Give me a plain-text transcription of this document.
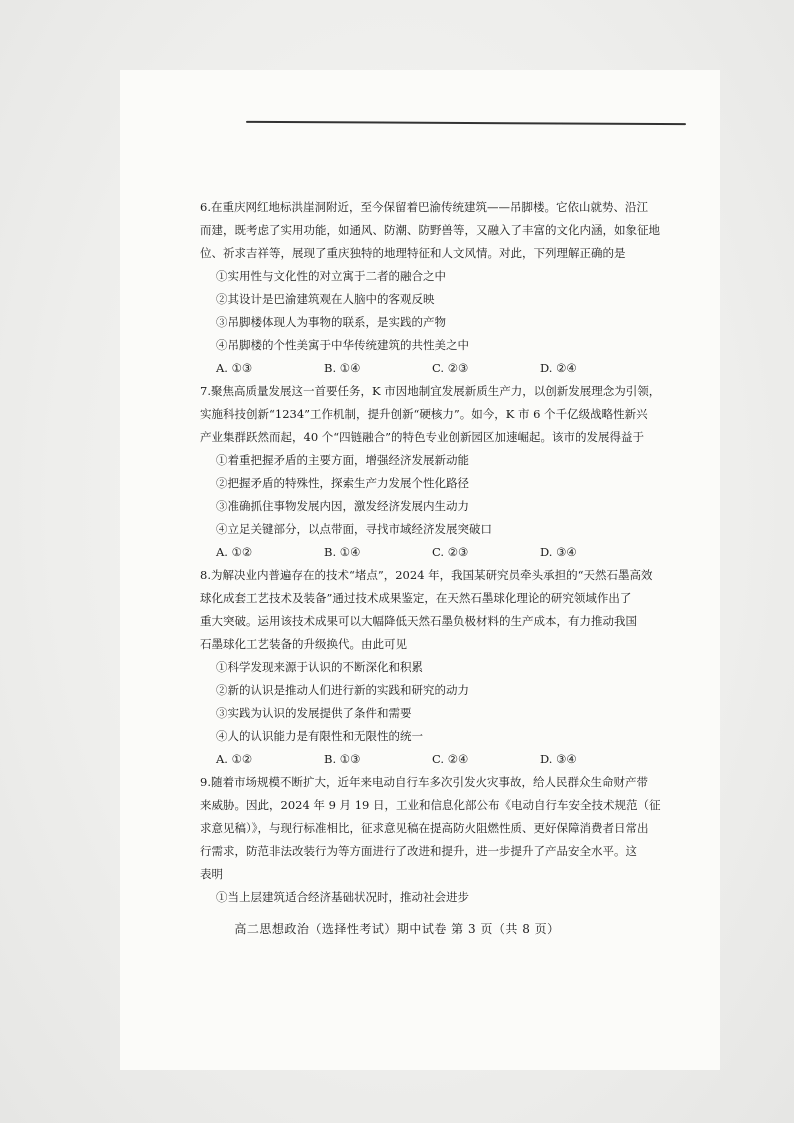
6.在重庆网红地标洪崖洞附近，至今保留着巴渝传统建筑——吊脚楼。它依山就势、沿江
而建，既考虑了实用功能，如通风、防潮、防野兽等，又融入了丰富的文化内涵，如象征地
位、祈求吉祥等，展现了重庆独特的地理特征和人文风情。对此，下列理解正确的是
①实用性与文化性的对立寓于二者的融合之中
②其设计是巴渝建筑观在人脑中的客观反映
③吊脚楼体现人为事物的联系，是实践的产物
④吊脚楼的个性美寓于中华传统建筑的共性美之中
A. ①③	B. ①④	C. ②③	D. ②④
7.聚焦高质量发展这一首要任务，K 市因地制宜发展新质生产力，以创新发展理念为引领，
实施科技创新“1234”工作机制，提升创新“硬核力”。如今，K 市 6 个千亿级战略性新兴
产业集群跃然而起，40 个“四链融合”的特色专业创新园区加速崛起。该市的发展得益于
①着重把握矛盾的主要方面，增强经济发展新动能
②把握矛盾的特殊性，探索生产力发展个性化路径
③准确抓住事物发展内因，激发经济发展内生动力
④立足关键部分，以点带面，寻找市域经济发展突破口
A. ①②	B. ①④	C. ②③	D. ③④
8.为解决业内普遍存在的技术“堵点”，2024 年，我国某研究员牵头承担的“天然石墨高效
球化成套工艺技术及装备”通过技术成果鉴定，在天然石墨球化理论的研究领域作出了
重大突破。运用该技术成果可以大幅降低天然石墨负极材料的生产成本，有力推动我国
石墨球化工艺装备的升级换代。由此可见
①科学发现来源于认识的不断深化和积累
②新的认识是推动人们进行新的实践和研究的动力
③实践为认识的发展提供了条件和需要
④人的认识能力是有限性和无限性的统一
A. ①②	B. ①③	C. ②④	D. ③④
9.随着市场规模不断扩大，近年来电动自行车多次引发火灾事故，给人民群众生命财产带
来威胁。因此，2024 年 9 月 19 日，工业和信息化部公布《电动自行车安全技术规范（征
求意见稿）》，与现行标准相比，征求意见稿在提高防火阻燃性质、更好保障消费者日常出
行需求，防范非法改装行为等方面进行了改进和提升，进一步提升了产品安全水平。这
表明
①当上层建筑适合经济基础状况时，推动社会进步
高二思想政治（选择性考试）期中试卷 第 3 页（共 8 页）
